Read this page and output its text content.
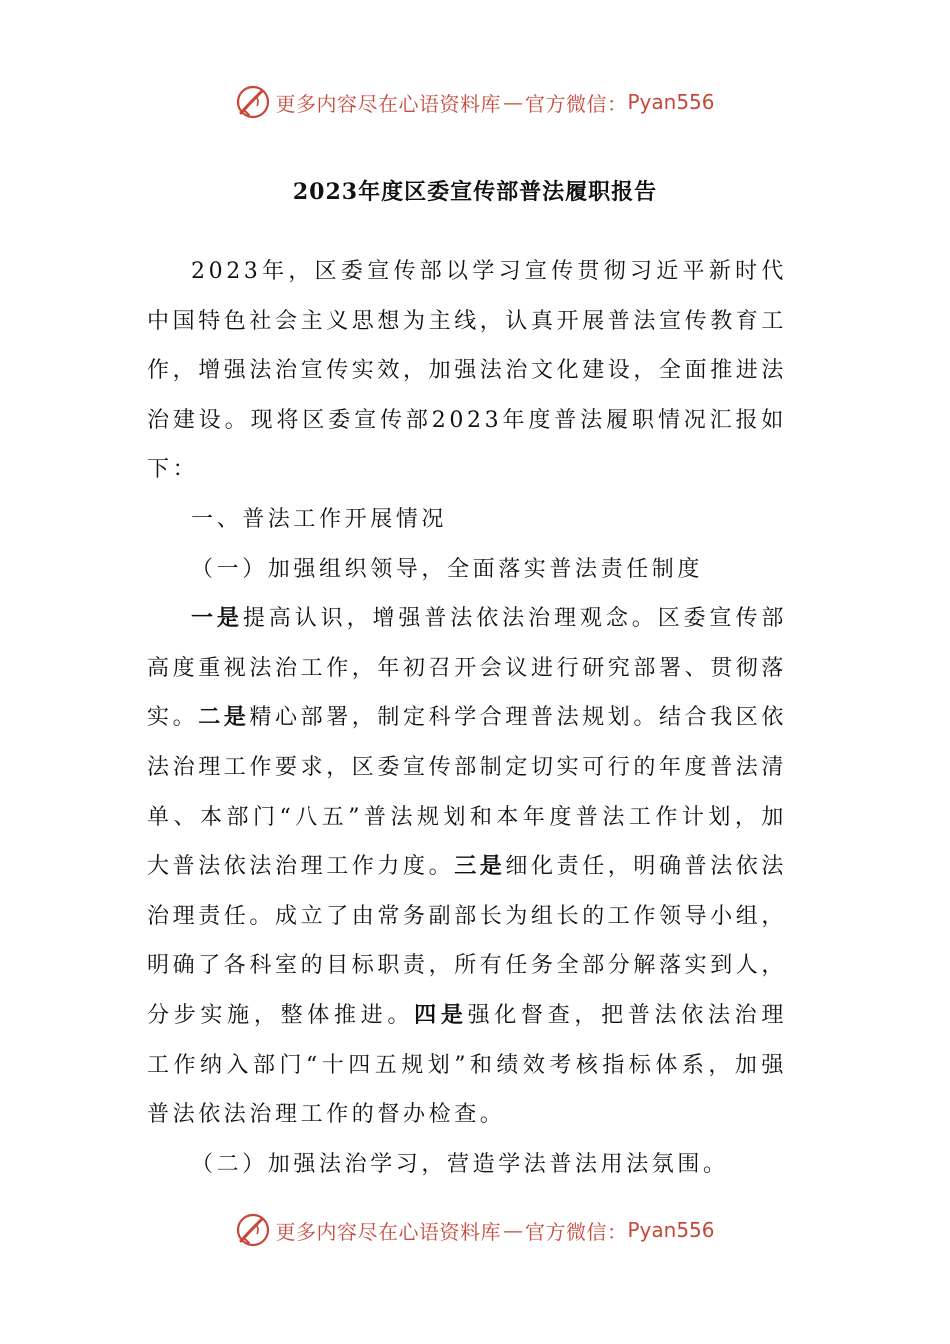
更多内容尽在心语资料库 — 官方微信： Pyan556
2023年度区委宣传部普法履职报告

2023年，区委宣传部以学习宣传贯彻习近平新时代中国特色社会主义思想为主线，认真开展普法宣传教育工作，增强法治宣传实效，加强法治文化建设，全面推进法治建设。现将区委宣传部2023年度普法履职情况汇报如下：

一、普法工作开展情况

（一）加强组织领导，全面落实普法责任制度

一是提高认识，增强普法依法治理观念。区委宣传部高度重视法治工作，年初召开会议进行研究部署、贯彻落实。二是精心部署，制定科学合理普法规划。结合我区依法治理工作要求，区委宣传部制定切实可行的年度普法清单、本部门“八五”普法规划和本年度普法工作计划，加大普法依法治理工作力度。三是细化责任，明确普法依法治理责任。成立了由常务副部长为组长的工作领导小组，明确了各科室的目标职责，所有任务全部分解落实到人，分步实施，整体推进。四是强化督查，把普法依法治理工作纳入部门“十四五规划”和绩效考核指标体系，加强普法依法治理工作的督办检查。

（二）加强法治学习，营造学法普法用法氛围。

更多内容尽在心语资料库 — 官方微信： Pyan556
